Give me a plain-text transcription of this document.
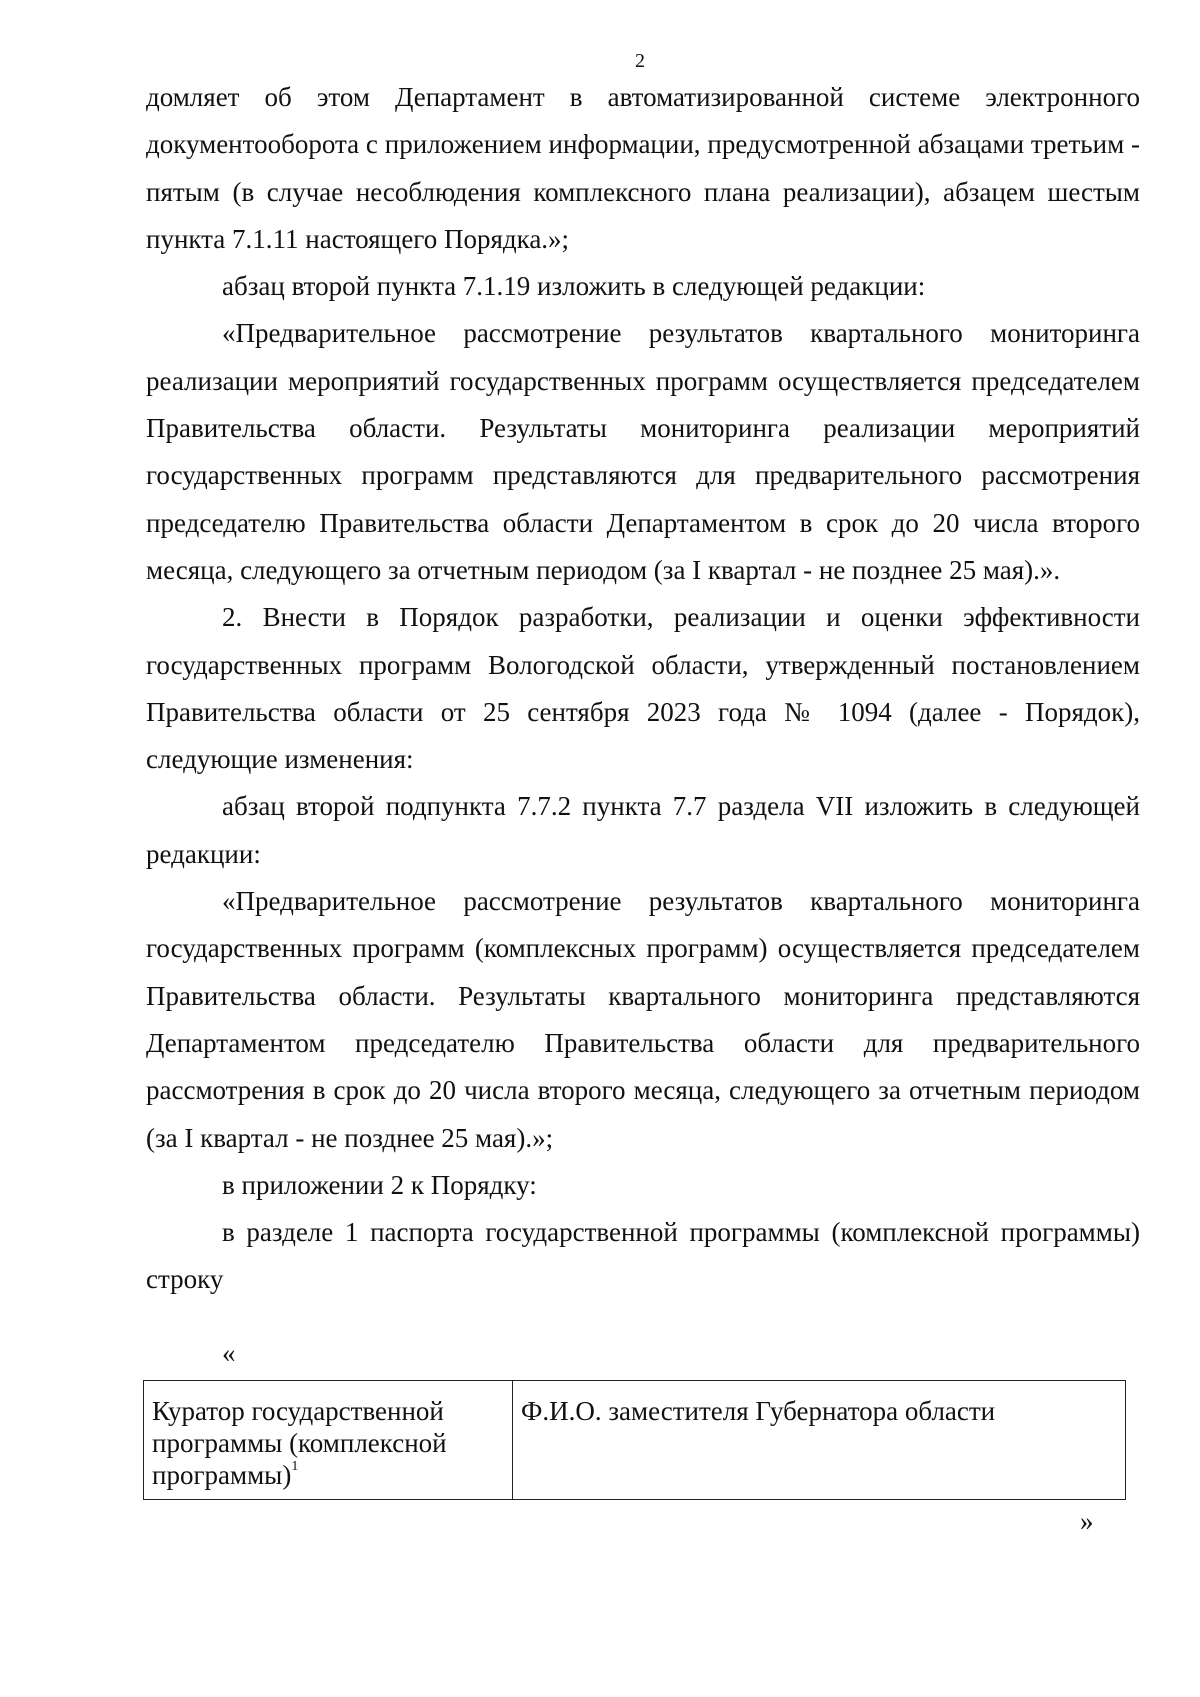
2

домляет об этом Департамент в автоматизированной системе электронного документооборота с приложением информации, предусмотренной абзацами третьим - пятым (в случае несоблюдения комплексного плана реализации), абзацем шестым пункта 7.1.11 настоящего Порядка.»;

абзац второй пункта 7.1.19 изложить в следующей редакции:

«Предварительное рассмотрение результатов квартального мониторинга реализации мероприятий государственных программ осуществляется председателем Правительства области. Результаты мониторинга реализации мероприятий государственных программ представляются для предварительного рассмотрения председателю Правительства области Департаментом в срок до 20 числа второго месяца, следующего за отчетным периодом (за I квартал - не позднее 25 мая).».

2. Внести в Порядок разработки, реализации и оценки эффективности государственных программ Вологодской области, утвержденный постановлением Правительства области от 25 сентября 2023 года № 1094 (далее - Порядок), следующие изменения:

абзац второй подпункта 7.7.2 пункта 7.7 раздела VII изложить в следующей редакции:

«Предварительное рассмотрение результатов квартального мониторинга государственных программ (комплексных программ) осуществляется председателем Правительства области. Результаты квартального мониторинга представляются Департаментом председателю Правительства области для предварительного рассмотрения в срок до 20 числа второго месяца, следующего за отчетным периодом (за I квартал - не позднее 25 мая).»;

в приложении 2 к Порядку:

в разделе 1 паспорта государственной программы (комплексной программы) строку

«
Куратор государственной программы (комплексной программы)$^1$	Ф.И.О. заместителя Губернатора области
»
